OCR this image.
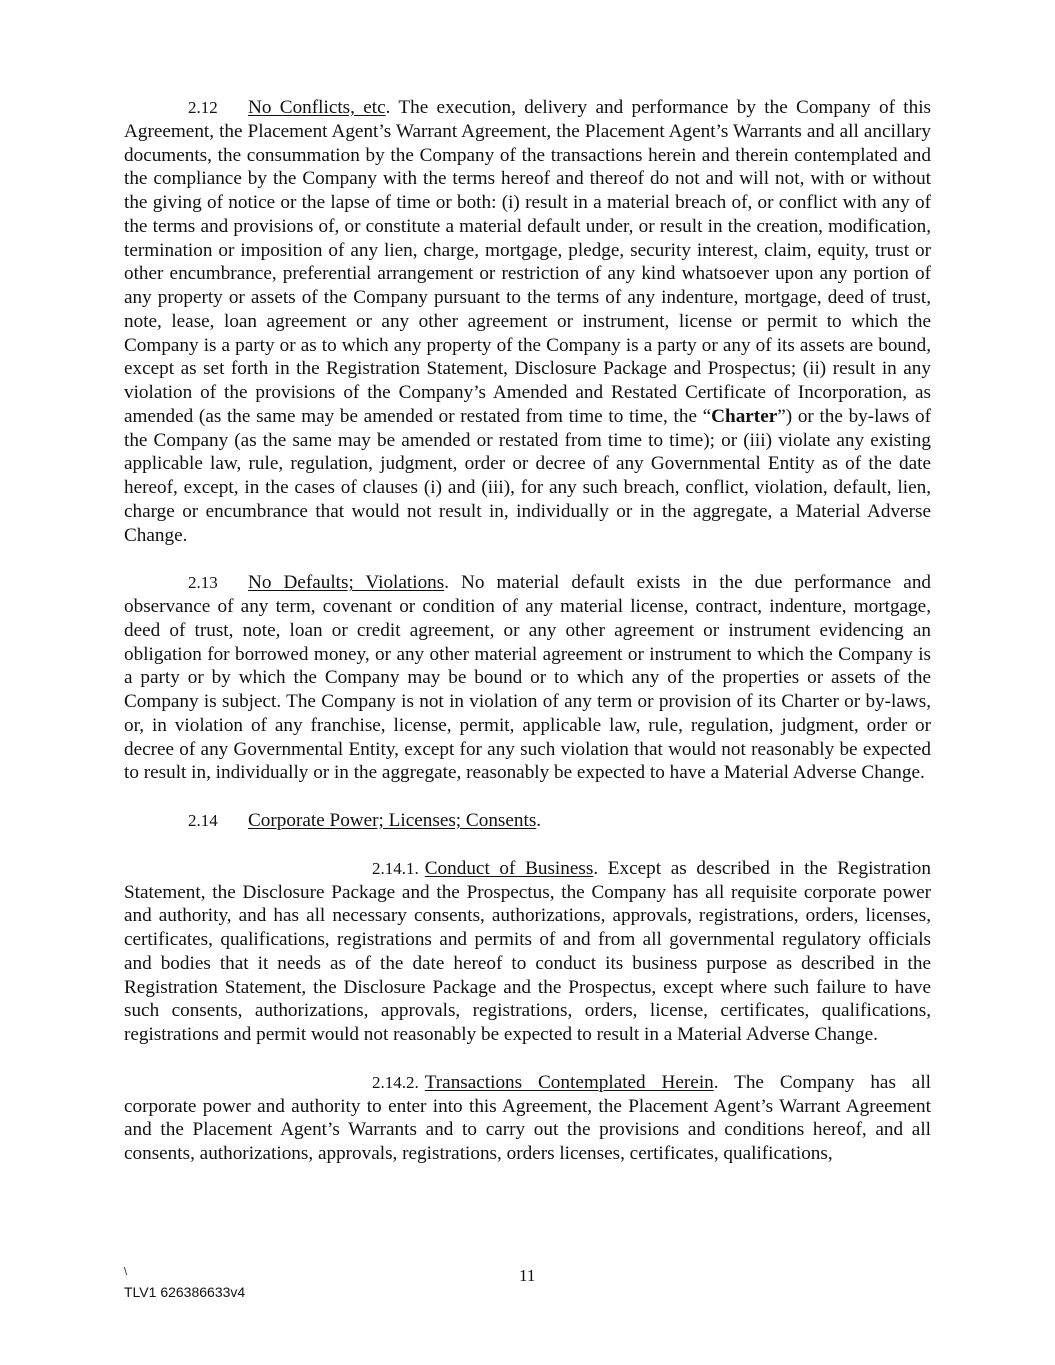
2.12 No Conflicts, etc. The execution, delivery and performance by the Company of this Agreement, the Placement Agent’s Warrant Agreement, the Placement Agent’s Warrants and all ancillary documents, the consummation by the Company of the transactions herein and therein contemplated and the compliance by the Company with the terms hereof and thereof do not and will not, with or without the giving of notice or the lapse of time or both: (i) result in a material breach of, or conflict with any of the terms and provisions of, or constitute a material default under, or result in the creation, modification, termination or imposition of any lien, charge, mortgage, pledge, security interest, claim, equity, trust or other encumbrance, preferential arrangement or restriction of any kind whatsoever upon any portion of any property or assets of the Company pursuant to the terms of any indenture, mortgage, deed of trust, note, lease, loan agreement or any other agreement or instrument, license or permit to which the Company is a party or as to which any property of the Company is a party or any of its assets are bound, except as set forth in the Registration Statement, Disclosure Package and Prospectus; (ii) result in any violation of the provisions of the Company’s Amended and Restated Certificate of Incorporation, as amended (as the same may be amended or restated from time to time, the “Charter”) or the by-laws of the Company (as the same may be amended or restated from time to time); or (iii) violate any existing applicable law, rule, regulation, judgment, order or decree of any Governmental Entity as of the date hereof, except, in the cases of clauses (i) and (iii), for any such breach, conflict, violation, default, lien, charge or encumbrance that would not result in, individually or in the aggregate, a Material Adverse Change.

2.13 No Defaults; Violations. No material default exists in the due performance and observance of any term, covenant or condition of any material license, contract, indenture, mortgage, deed of trust, note, loan or credit agreement, or any other agreement or instrument evidencing an obligation for borrowed money, or any other material agreement or instrument to which the Company is a party or by which the Company may be bound or to which any of the properties or assets of the Company is subject. The Company is not in violation of any term or provision of its Charter or by-laws, or, in violation of any franchise, license, permit, applicable law, rule, regulation, judgment, order or decree of any Governmental Entity, except for any such violation that would not reasonably be expected to result in, individually or in the aggregate, reasonably be expected to have a Material Adverse Change.

2.14 Corporate Power; Licenses; Consents.

2.14.1. Conduct of Business. Except as described in the Registration Statement, the Disclosure Package and the Prospectus, the Company has all requisite corporate power and authority, and has all necessary consents, authorizations, approvals, registrations, orders, licenses, certificates, qualifications, registrations and permits of and from all governmental regulatory officials and bodies that it needs as of the date hereof to conduct its business purpose as described in the Registration Statement, the Disclosure Package and the Prospectus, except where such failure to have such consents, authorizations, approvals, registrations, orders, license, certificates, qualifications, registrations and permit would not reasonably be expected to result in a Material Adverse Change.

2.14.2. Transactions Contemplated Herein. The Company has all corporate power and authority to enter into this Agreement, the Placement Agent’s Warrant Agreement and the Placement Agent’s Warrants and to carry out the provisions and conditions hereof, and all consents, authorizations, approvals, registrations, orders licenses, certificates, qualifications,

\	11
TLV1 626386633v4
